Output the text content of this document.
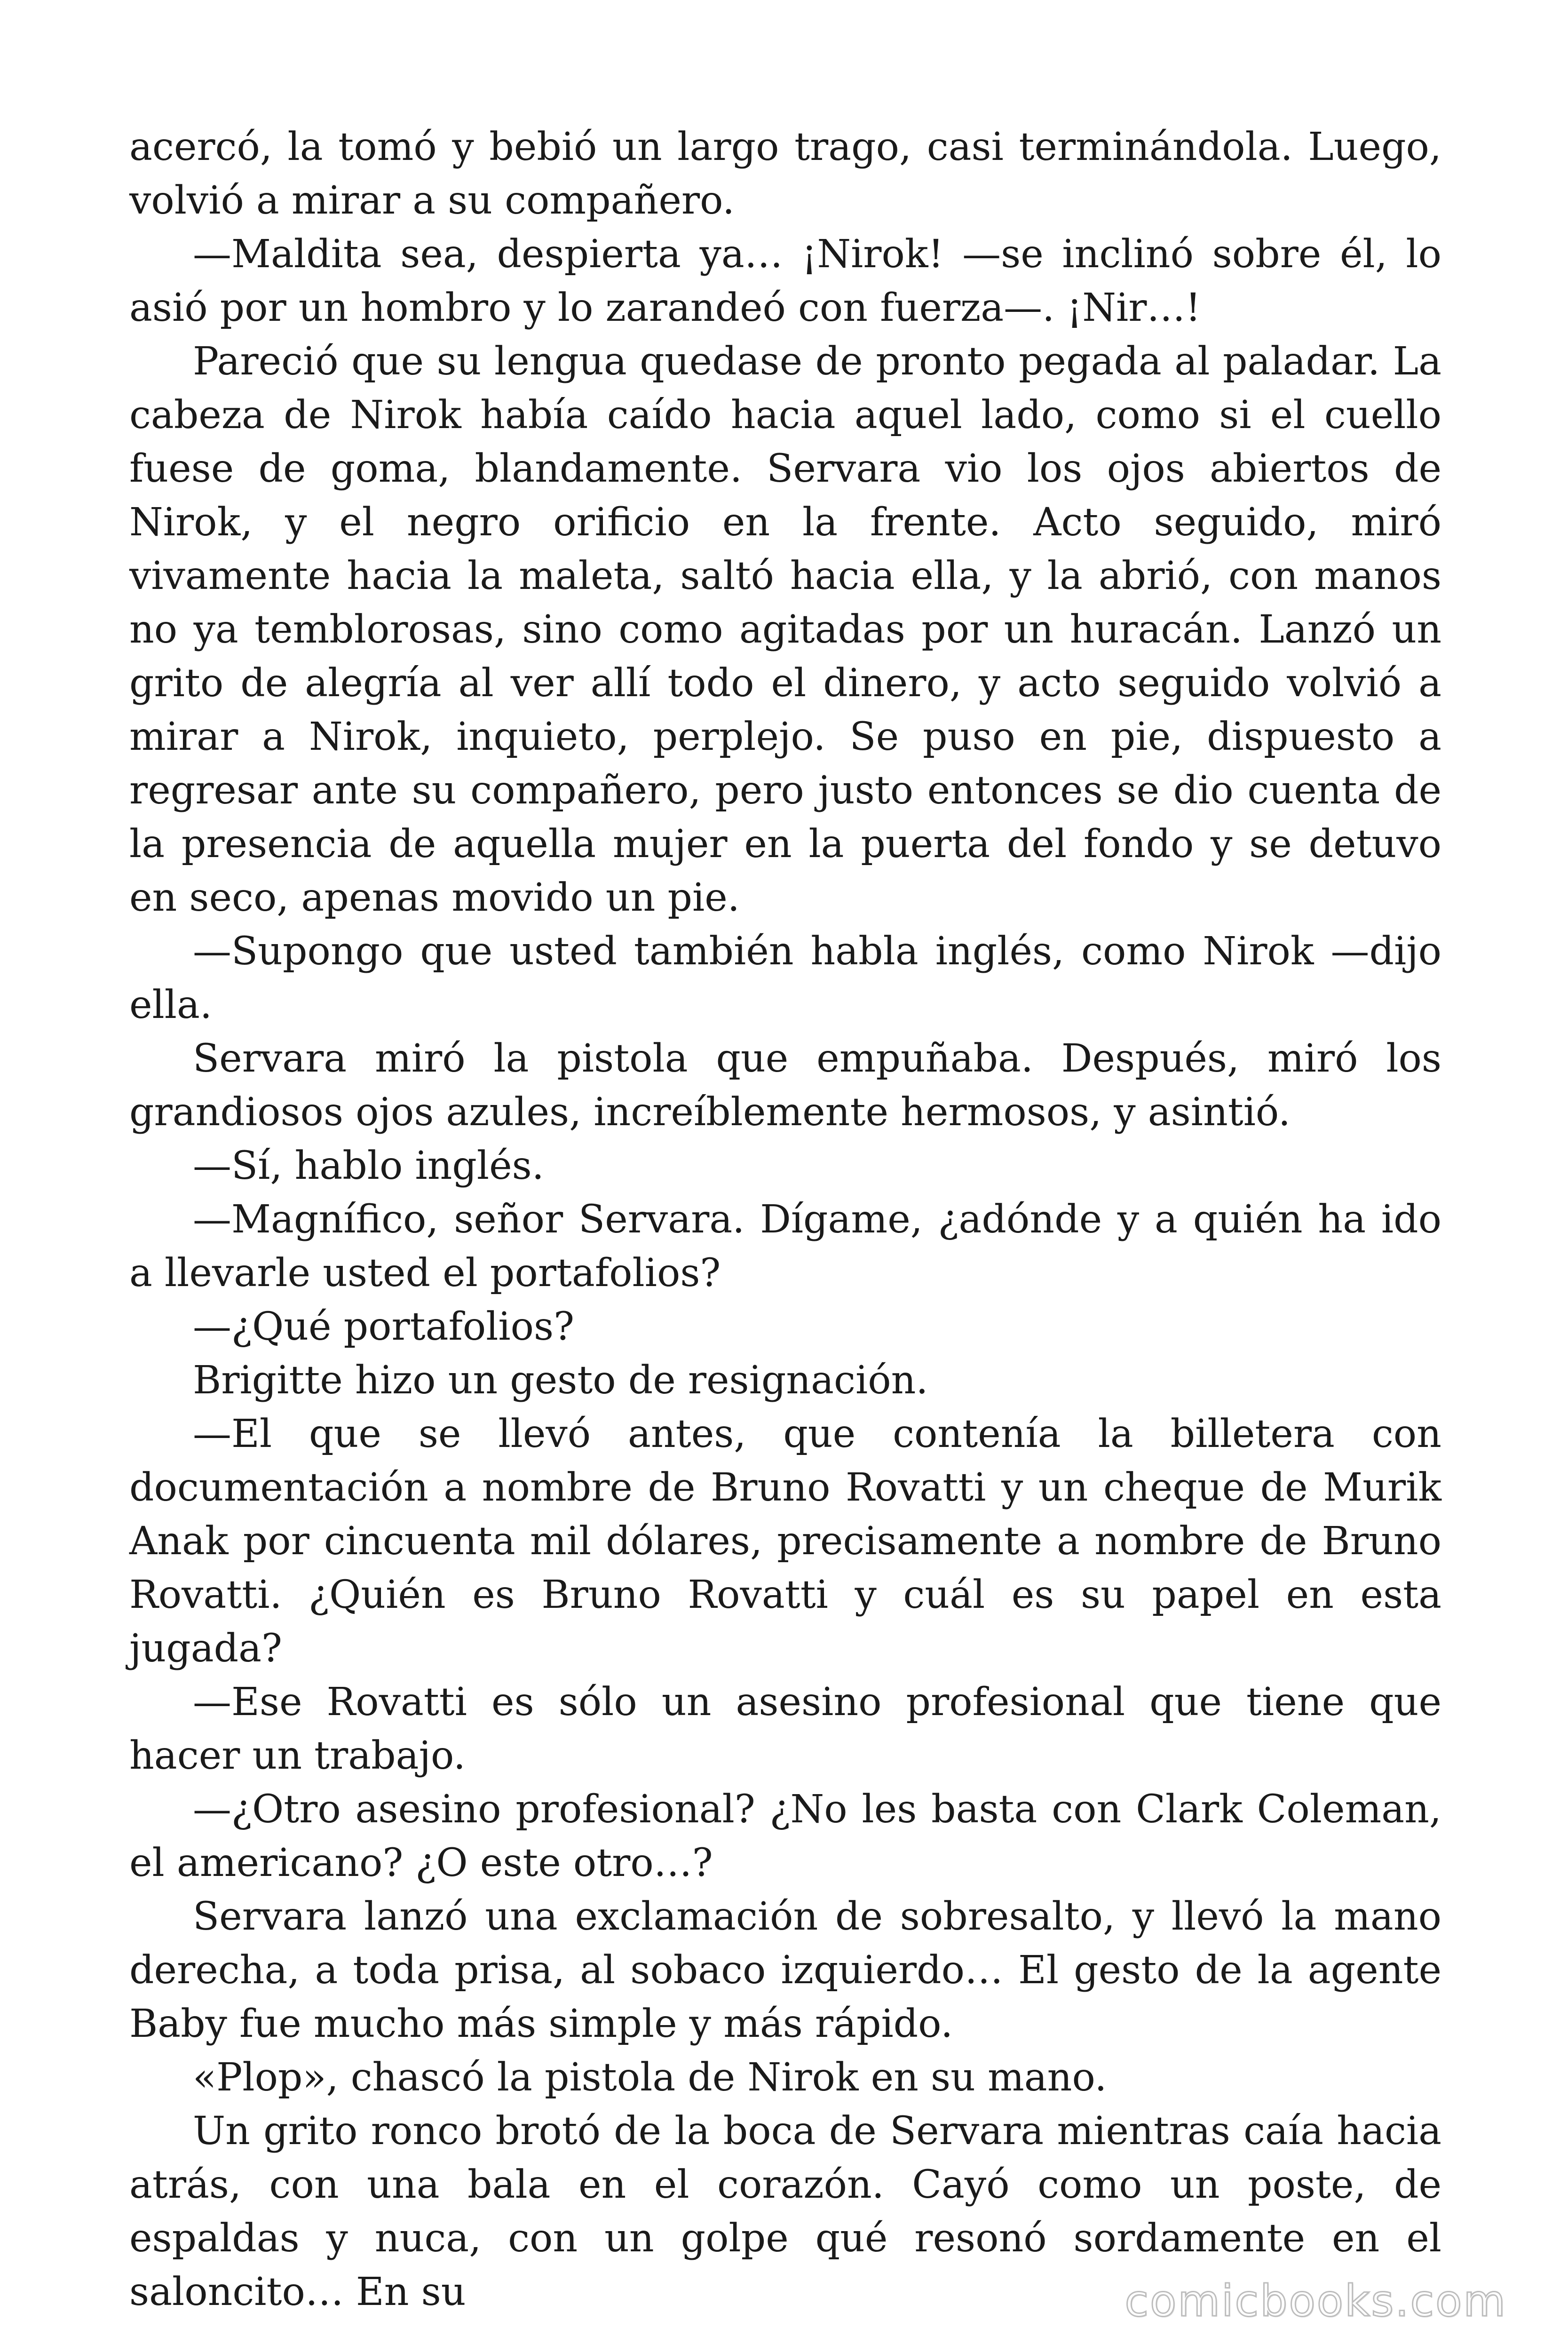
acercó, la tomó y bebió un largo trago, casi terminándola. Luego, volvió a mirar a su compañero.

—Maldita sea, despierta ya… ¡Nirok! —se inclinó sobre él, lo asió por un hombro y lo zarandeó con fuerza—. ¡Nir…!

Pareció que su lengua quedase de pronto pegada al paladar. La cabeza de Nirok había caído hacia aquel lado, como si el cuello fuese de goma, blandamente. Servara vio los ojos abiertos de Nirok, y el negro orificio en la frente. Acto seguido, miró vivamente hacia la maleta, saltó hacia ella, y la abrió, con manos no ya temblorosas, sino como agitadas por un huracán. Lanzó un grito de alegría al ver allí todo el dinero, y acto seguido volvió a mirar a Nirok, inquieto, perplejo. Se puso en pie, dispuesto a regresar ante su compañero, pero justo entonces se dio cuenta de la presencia de aquella mujer en la puerta del fondo y se detuvo en seco, apenas movido un pie.

—Supongo que usted también habla inglés, como Nirok —dijo ella.

Servara miró la pistola que empuñaba. Después, miró los grandiosos ojos azules, increíblemente hermosos, y asintió.

—Sí, hablo inglés.

—Magnífico, señor Servara. Dígame, ¿adónde y a quién ha ido a llevarle usted el portafolios?

—¿Qué portafolios?

Brigitte hizo un gesto de resignación.

—El que se llevó antes, que contenía la billetera con documentación a nombre de Bruno Rovatti y un cheque de Murik Anak por cincuenta mil dólares, precisamente a nombre de Bruno Rovatti. ¿Quién es Bruno Rovatti y cuál es su papel en esta jugada?

—Ese Rovatti es sólo un asesino profesional que tiene que hacer un trabajo.

—¿Otro asesino profesional? ¿No les basta con Clark Coleman, el americano? ¿O este otro…?

Servara lanzó una exclamación de sobresalto, y llevó la mano derecha, a toda prisa, al sobaco izquierdo… El gesto de la agente Baby fue mucho más simple y más rápido.

«Plop», chascó la pistola de Nirok en su mano.

Un grito ronco brotó de la boca de Servara mientras caía hacia atrás, con una bala en el corazón. Cayó como un poste, de espaldas y nuca, con un golpe qué resonó sordamente en el saloncito… En su	comicbooks.com
